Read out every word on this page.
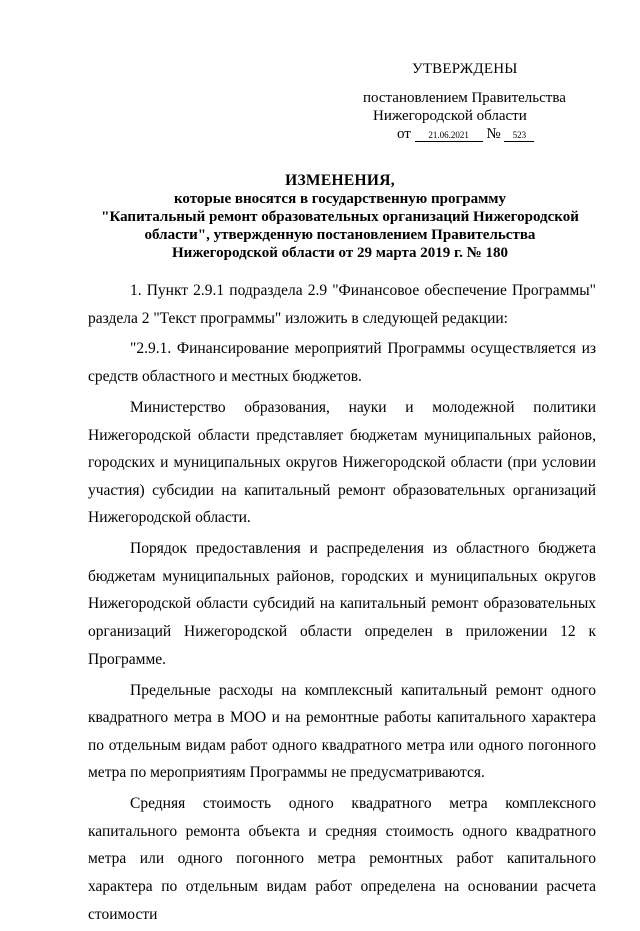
УТВЕРЖДЕНЫ
постановлением Правительства
Нижегородской области
от 21.06.2021 № 523
ИЗМЕНЕНИЯ,
которые вносятся в государственную программу
"Капитальный ремонт образовательных организаций Нижегородской
области", утвержденную постановлением Правительства
Нижегородской области от 29 марта 2019 г. № 180

1. Пункт 2.9.1 подраздела 2.9 "Финансовое обеспечение Программы" раздела 2 "Текст программы" изложить в следующей редакции:

"2.9.1. Финансирование мероприятий Программы осуществляется из средств областного и местных бюджетов.

Министерство образования, науки и молодежной политики Нижегородской области представляет бюджетам муниципальных районов, городских и муниципальных округов Нижегородской области (при условии участия) субсидии на капитальный ремонт образовательных организаций Нижегородской области.

Порядок предоставления и распределения из областного бюджета бюджетам муниципальных районов, городских и муниципальных округов Нижегородской области субсидий на капитальный ремонт образовательных организаций Нижегородской области определен в приложении 12 к Программе.

Предельные расходы на комплексный капитальный ремонт одного квадратного метра в МОО и на ремонтные работы капитального характера по отдельным видам работ одного квадратного метра или одного погонного метра по мероприятиям Программы не предусматриваются.

Средняя стоимость одного квадратного метра комплексного капитального ремонта объекта и средняя стоимость одного квадратного метра или одного погонного метра ремонтных работ капитального характера по отдельным видам работ определена на основании расчета стоимости
